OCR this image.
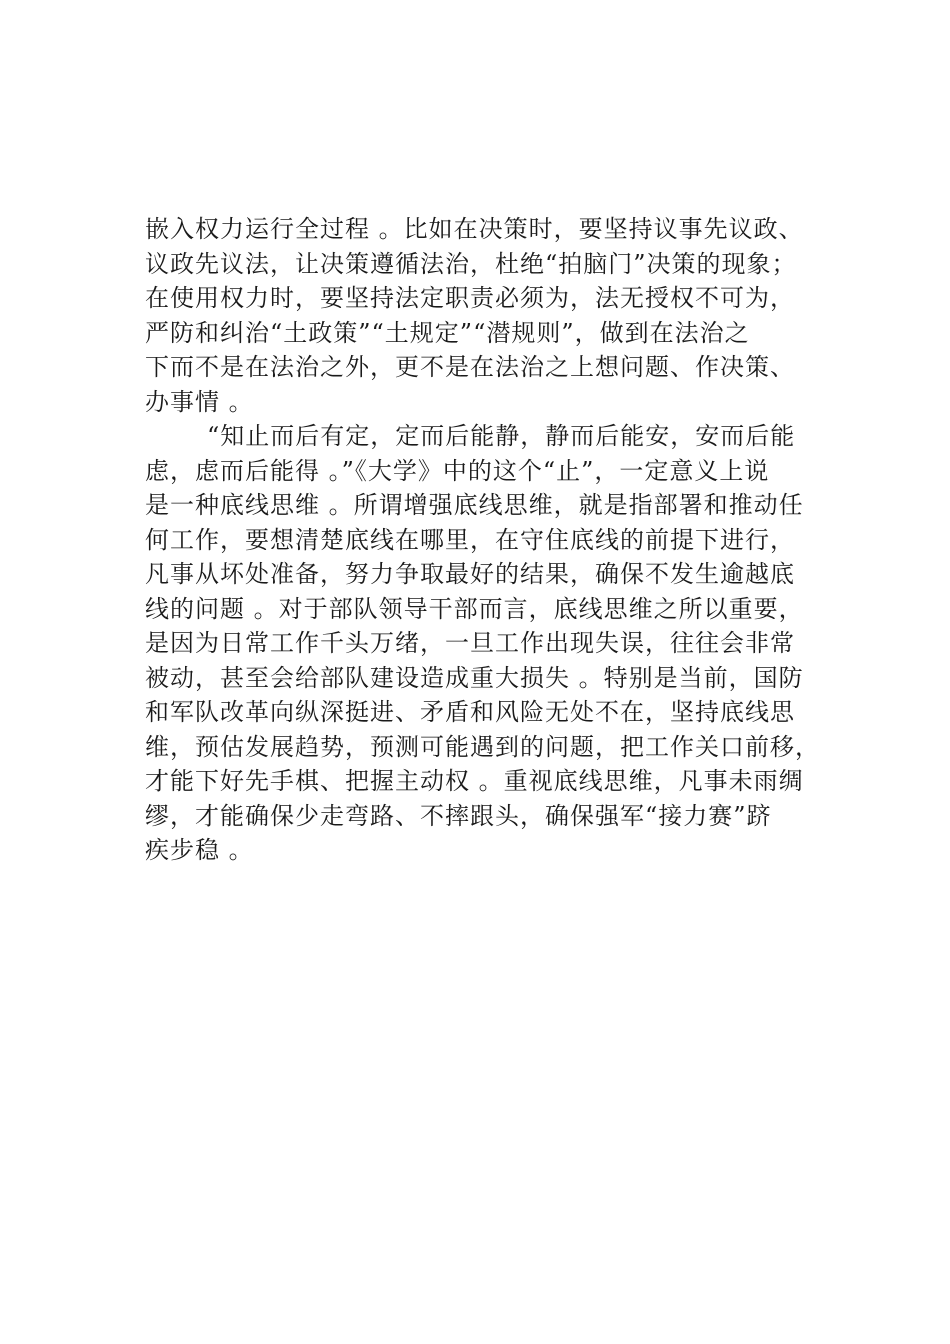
嵌入权力运行全过程 。比如在决策时，要坚持议事先议政、
议政先议法，让决策遵循法治，杜绝“拍脑门”决策的现象；
在使用权力时，要坚持法定职责必须为，法无授权不可为，
严防和纠治“土政策”“土规定”“潜规则”，做到在法治之
下而不是在法治之外，更不是在法治之上想问题、作决策、
办事情 。
“知止而后有定，定而后能静，静而后能安，安而后能
虑，虑而后能得 。”《大学》中的这个“止”，一定意义上说
是一种底线思维 。所谓增强底线思维，就是指部署和推动任
何工作，要想清楚底线在哪里，在守住底线的前提下进行，
凡事从坏处准备，努力争取最好的结果，确保不发生逾越底
线的问题 。对于部队领导干部而言，底线思维之所以重要，
是因为日常工作千头万绪，一旦工作出现失误，往往会非常
被动，甚至会给部队建设造成重大损失 。特别是当前，国防
和军队改革向纵深挺进、矛盾和风险无处不在，坚持底线思
维，预估发展趋势，预测可能遇到的问题，把工作关口前移，
才能下好先手棋、把握主动权 。重视底线思维，凡事未雨绸
缪，才能确保少走弯路、不摔跟头，确保强军“接力赛”跻
疾步稳 。
